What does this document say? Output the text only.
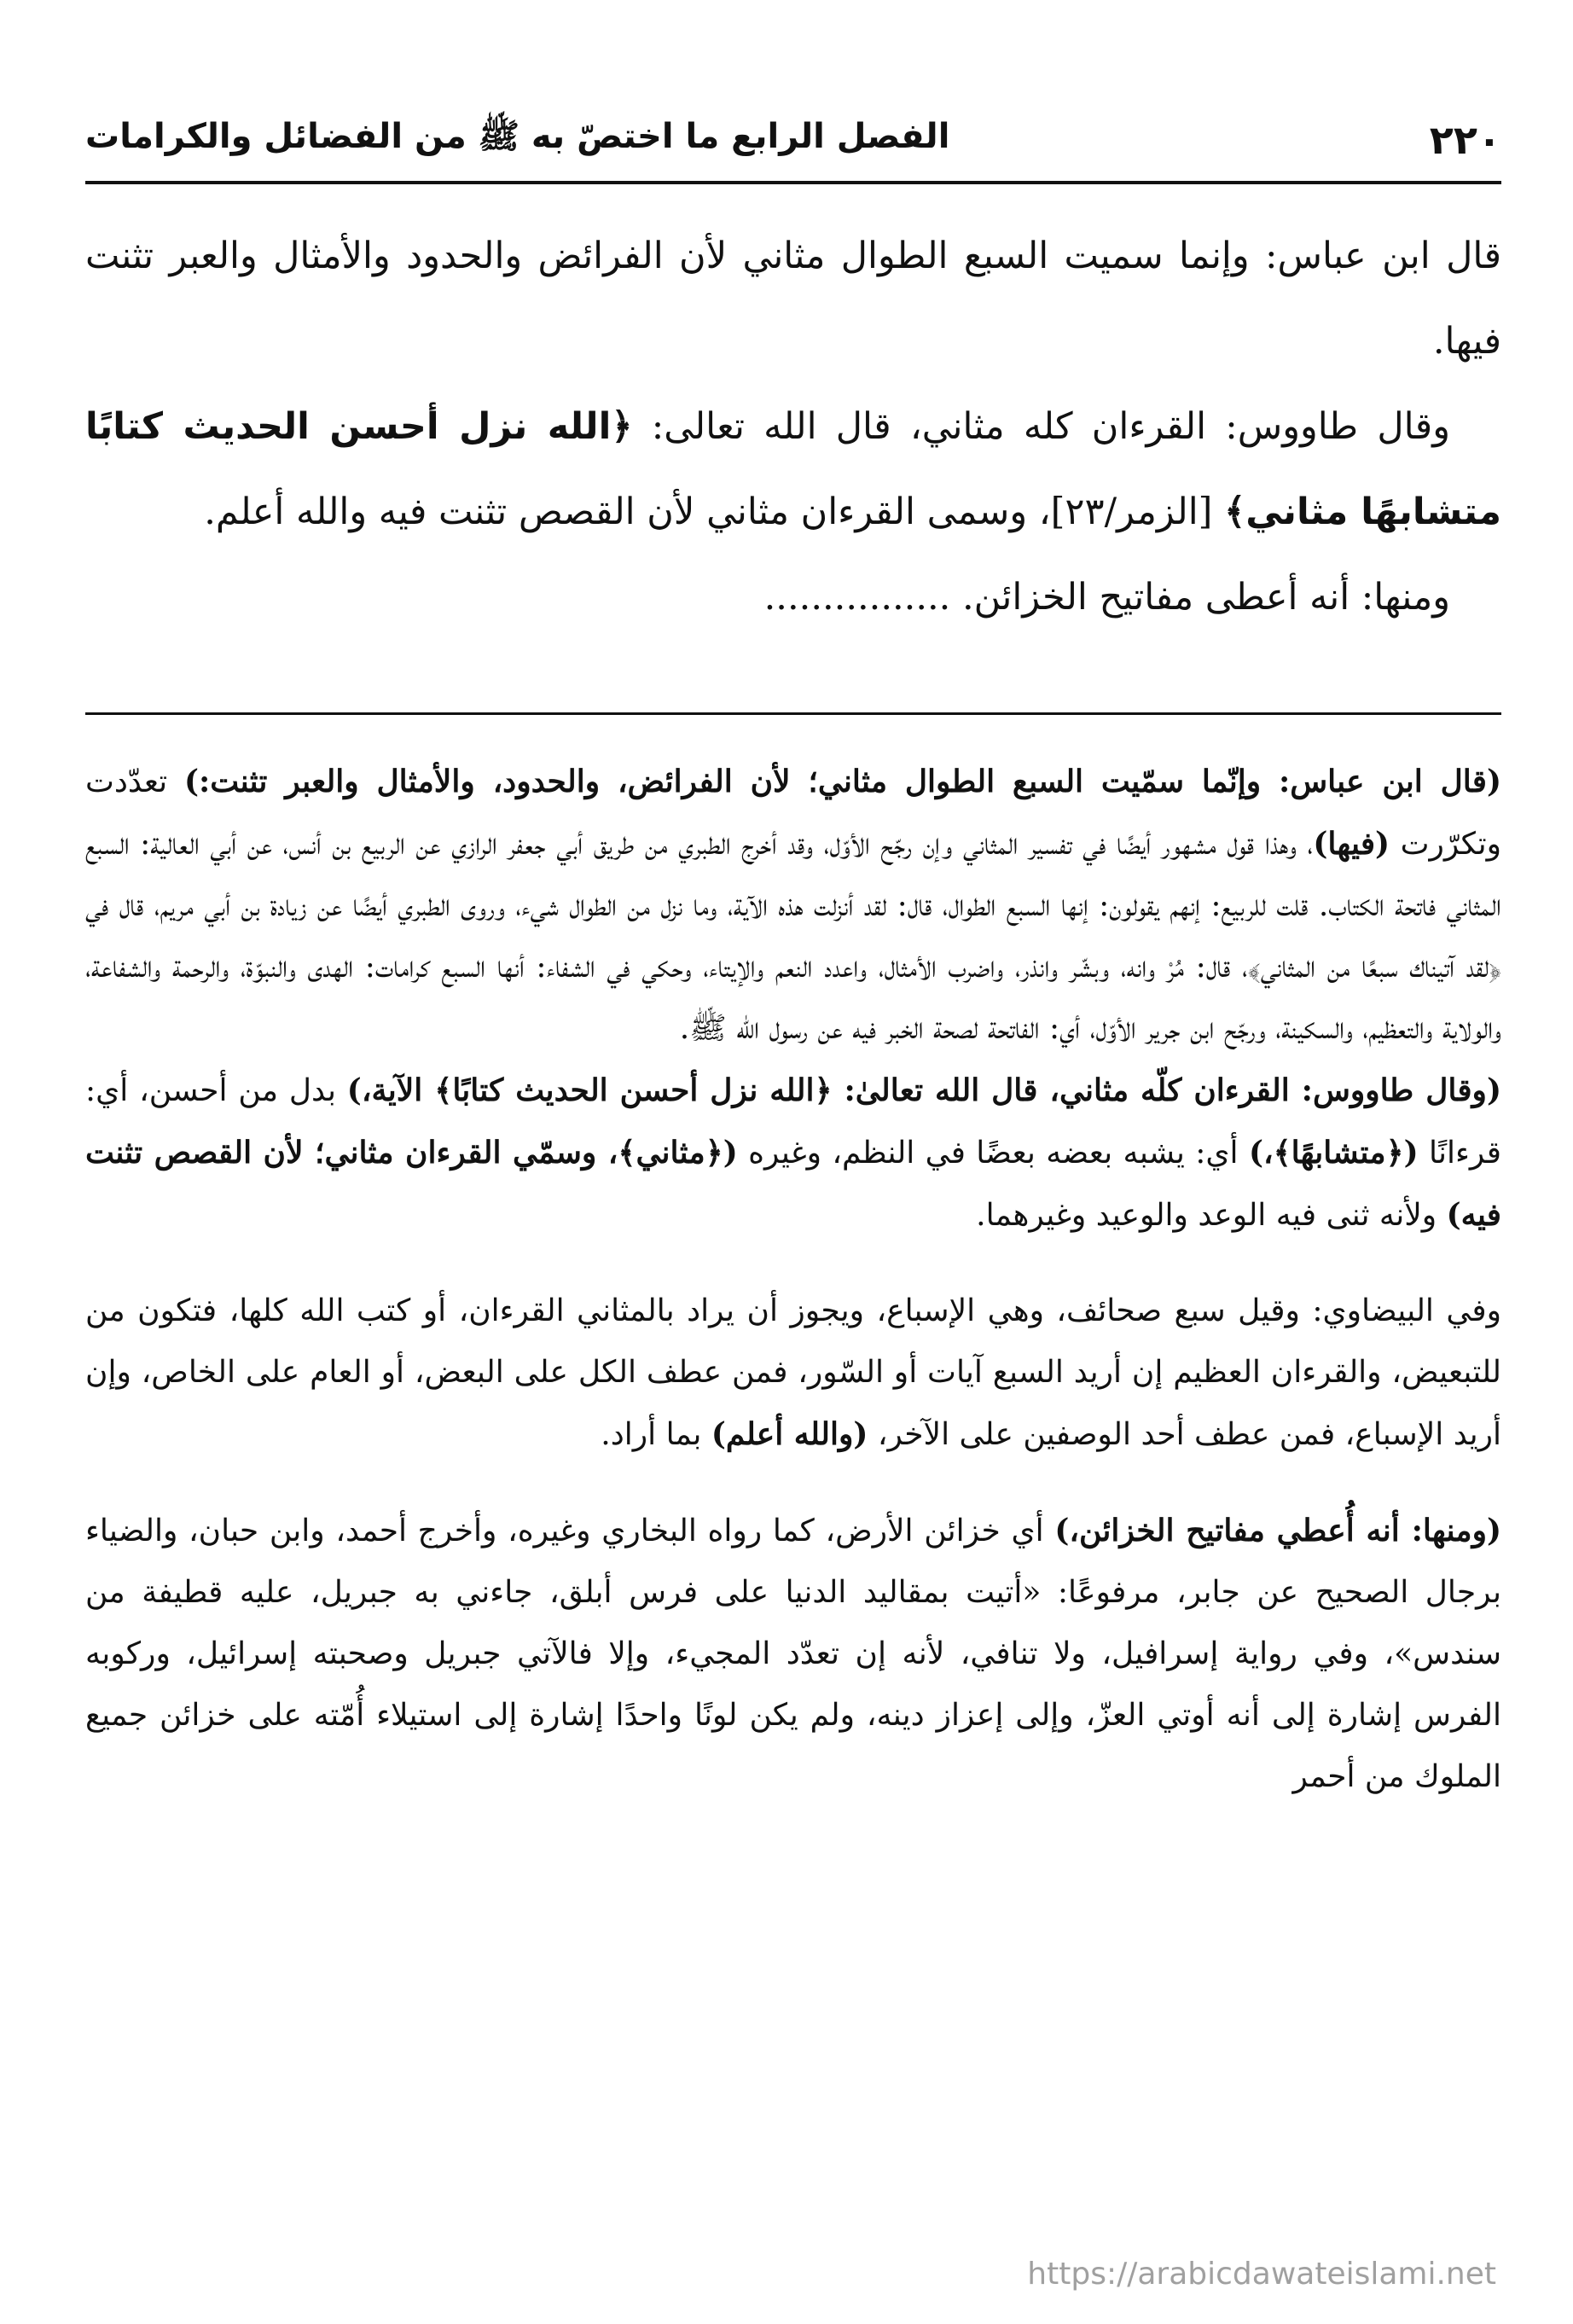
٢٢٠
الفصل الرابع ما اختصّ به ﷺ من الفضائل والكرامات

قال ابن عباس: وإنما سميت السبع الطوال مثاني لأن الفرائض والحدود والأمثال والعبر تثنت فيها.

وقال طاووس: القرءان كله مثاني، قال الله تعالى: ﴿الله نزل أحسن الحديث كتابًا متشابهًا مثاني﴾ [الزمر/٢٣]، وسمى القرءان مثاني لأن القصص تثنت فيه والله أعلم.

ومنها: أنه أعطى مفاتيح الخزائن. ................

(قال ابن عباس: وإنّما سمّيت السبع الطوال مثاني؛ لأن الفرائض، والحدود، والأمثال والعبر تثنت:) تعدّدت وتكرّرت (فيها)، وهذا قول مشهور أيضًا في تفسير المثاني وإن رجّح الأوّل، وقد أخرج الطبري من طريق أبي جعفر الرازي عن الربيع بن أنس، عن أبي العالية: السبع المثاني فاتحة الكتاب. قلت للربيع: إنهم يقولون: إنها السبع الطوال، قال: لقد أنزلت هذه الآية، وما نزل من الطوال شيء، وروى الطبري أيضًا عن زيادة بن أبي مريم، قال في ﴿لقد آتيناك سبعًا من المثاني﴾، قال: مُرْ وانه، وبشّر وانذر، واضرب الأمثال، واعدد النعم والإيتاء، وحكي في الشفاء: أنها السبع كرامات: الهدى والنبوّة، والرحمة والشفاعة، والولاية والتعظيم، والسكينة، ورجّح ابن جرير الأوّل، أي: الفاتحة لصحة الخبر فيه عن رسول الله ﷺ.

(وقال طاووس: القرءان كلّه مثاني، قال الله تعالىٰ: ﴿الله نزل أحسن الحديث كتابًا﴾ الآية،) بدل من أحسن، أي: قرءانًا (﴿متشابهًا﴾،) أي: يشبه بعضه بعضًا في النظم، وغيره (﴿مثاني﴾، وسمّي القرءان مثاني؛ لأن القصص تثنت فيه) ولأنه ثنى فيه الوعد والوعيد وغيرهما.

وفي البيضاوي: وقيل سبع صحائف، وهي الإسباع، ويجوز أن يراد بالمثاني القرءان، أو كتب الله كلها، فتكون من للتبعيض، والقرءان العظيم إن أريد السبع آيات أو السّور، فمن عطف الكل على البعض، أو العام على الخاص، وإن أريد الإسباع، فمن عطف أحد الوصفين على الآخر، (والله أعلم) بما أراد.

(ومنها: أنه أُعطي مفاتيح الخزائن،) أي خزائن الأرض، كما رواه البخاري وغيره، وأخرج أحمد، وابن حبان، والضياء برجال الصحيح عن جابر، مرفوعًا: «أتيت بمقاليد الدنيا على فرس أبلق، جاءني به جبريل، عليه قطيفة من سندس»، وفي رواية إسرافيل، ولا تنافي، لأنه إن تعدّد المجيء، وإلا فالآتي جبريل وصحبته إسرائيل، وركوبه الفرس إشارة إلى أنه أوتي العزّ، وإلى إعزاز دينه، ولم يكن لونًا واحدًا إشارة إلى استيلاء أُمّته على خزائن جميع الملوك من أحمر

https://arabicdawateislami.net
